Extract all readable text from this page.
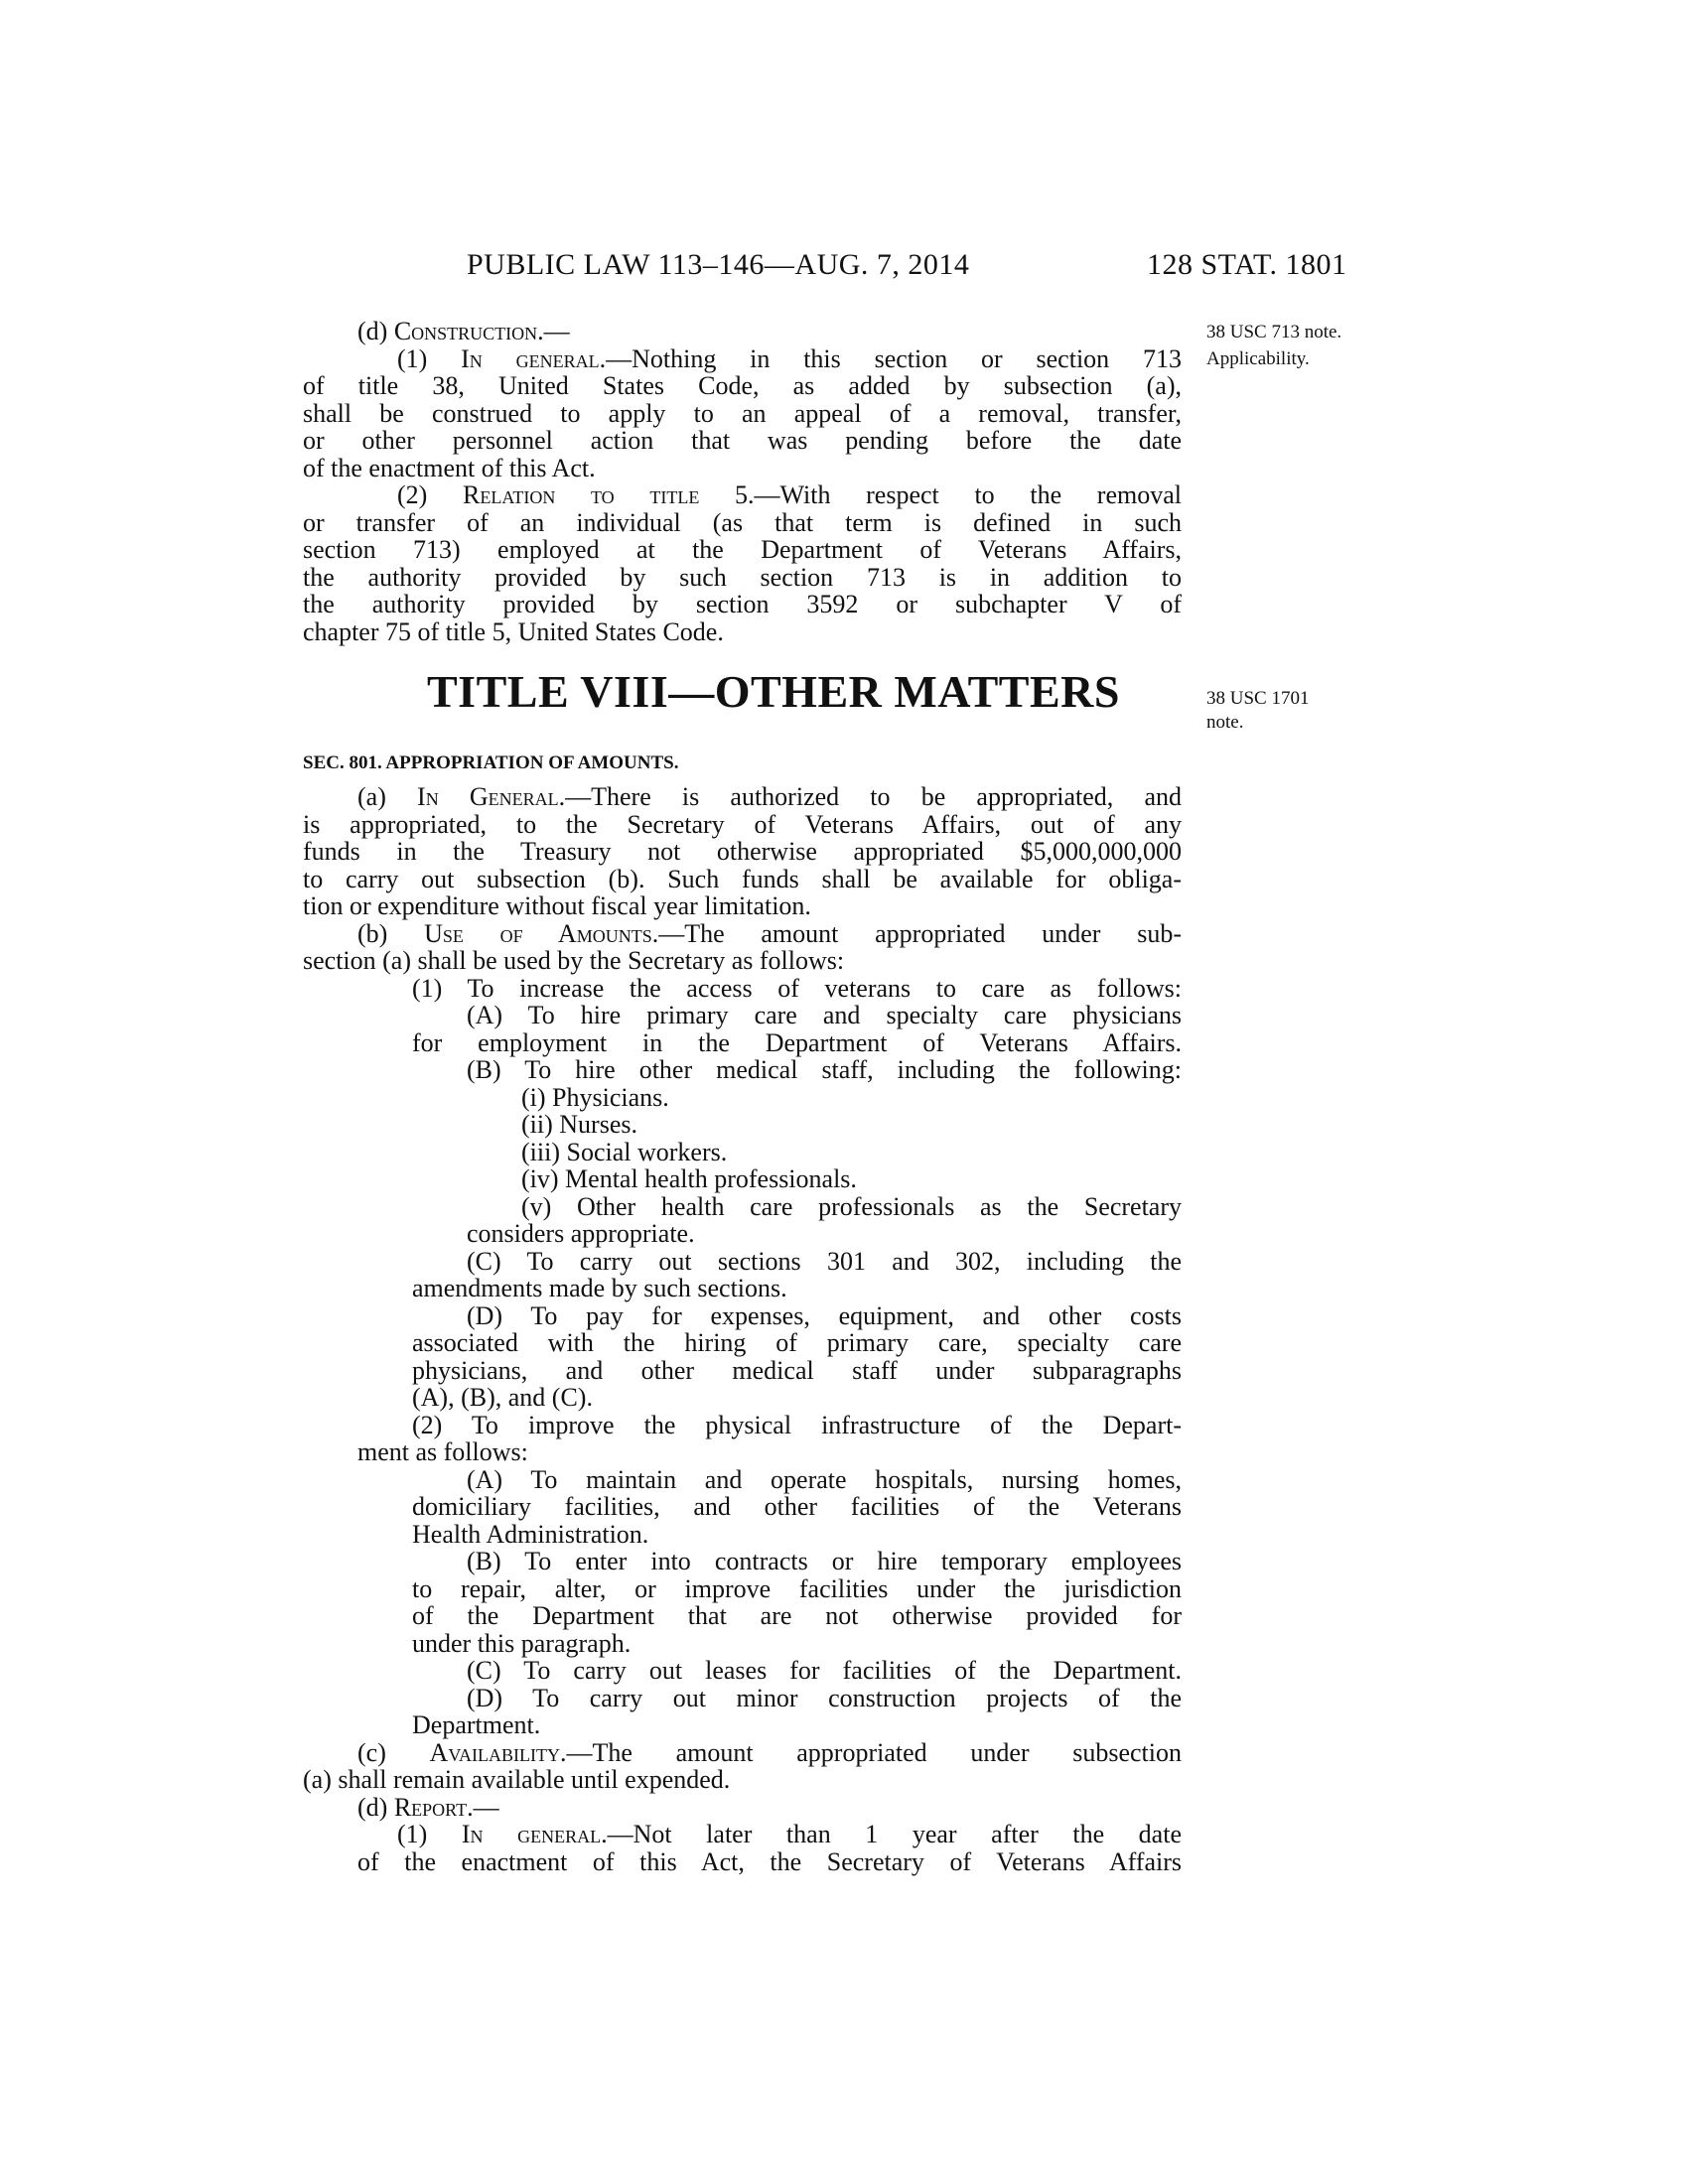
PUBLIC LAW 113–146—AUG. 7, 2014	128 STAT. 1801
38 USC 713 note.
Applicability.
38 USC 1701
note.
TITLE VIII—OTHER MATTERS
SEC. 801. APPROPRIATION OF AMOUNTS.
(d) Construction.—
(1) In general.—Nothing in this section or section 713
of title 38, United States Code, as added by subsection (a),
shall be construed to apply to an appeal of a removal, transfer,
or other personnel action that was pending before the date
of the enactment of this Act.
(2) Relation to title 5.—With respect to the removal
or transfer of an individual (as that term is defined in such
section 713) employed at the Department of Veterans Affairs,
the authority provided by such section 713 is in addition to
the authority provided by section 3592 or subchapter V of
chapter 75 of title 5, United States Code.
(a) In General.—There is authorized to be appropriated, and
is appropriated, to the Secretary of Veterans Affairs, out of any
funds in the Treasury not otherwise appropriated $5,000,000,000
to carry out subsection (b). Such funds shall be available for obliga-
tion or expenditure without fiscal year limitation.
(b) Use of Amounts.—The amount appropriated under sub-
section (a) shall be used by the Secretary as follows:
(1) To increase the access of veterans to care as follows:
(A) To hire primary care and specialty care physicians
for employment in the Department of Veterans Affairs.
(B) To hire other medical staff, including the following:
(i) Physicians.
(ii) Nurses.
(iii) Social workers.
(iv) Mental health professionals.
(v) Other health care professionals as the Secretary
considers appropriate.
(C) To carry out sections 301 and 302, including the
amendments made by such sections.
(D) To pay for expenses, equipment, and other costs
associated with the hiring of primary care, specialty care
physicians, and other medical staff under subparagraphs
(A), (B), and (C).
(2) To improve the physical infrastructure of the Depart-
ment as follows:
(A) To maintain and operate hospitals, nursing homes,
domiciliary facilities, and other facilities of the Veterans
Health Administration.
(B) To enter into contracts or hire temporary employees
to repair, alter, or improve facilities under the jurisdiction
of the Department that are not otherwise provided for
under this paragraph.
(C) To carry out leases for facilities of the Department.
(D) To carry out minor construction projects of the
Department.
(c) Availability.—The amount appropriated under subsection
(a) shall remain available until expended.
(d) Report.—
(1) In general.—Not later than 1 year after the date
of the enactment of this Act, the Secretary of Veterans Affairs
